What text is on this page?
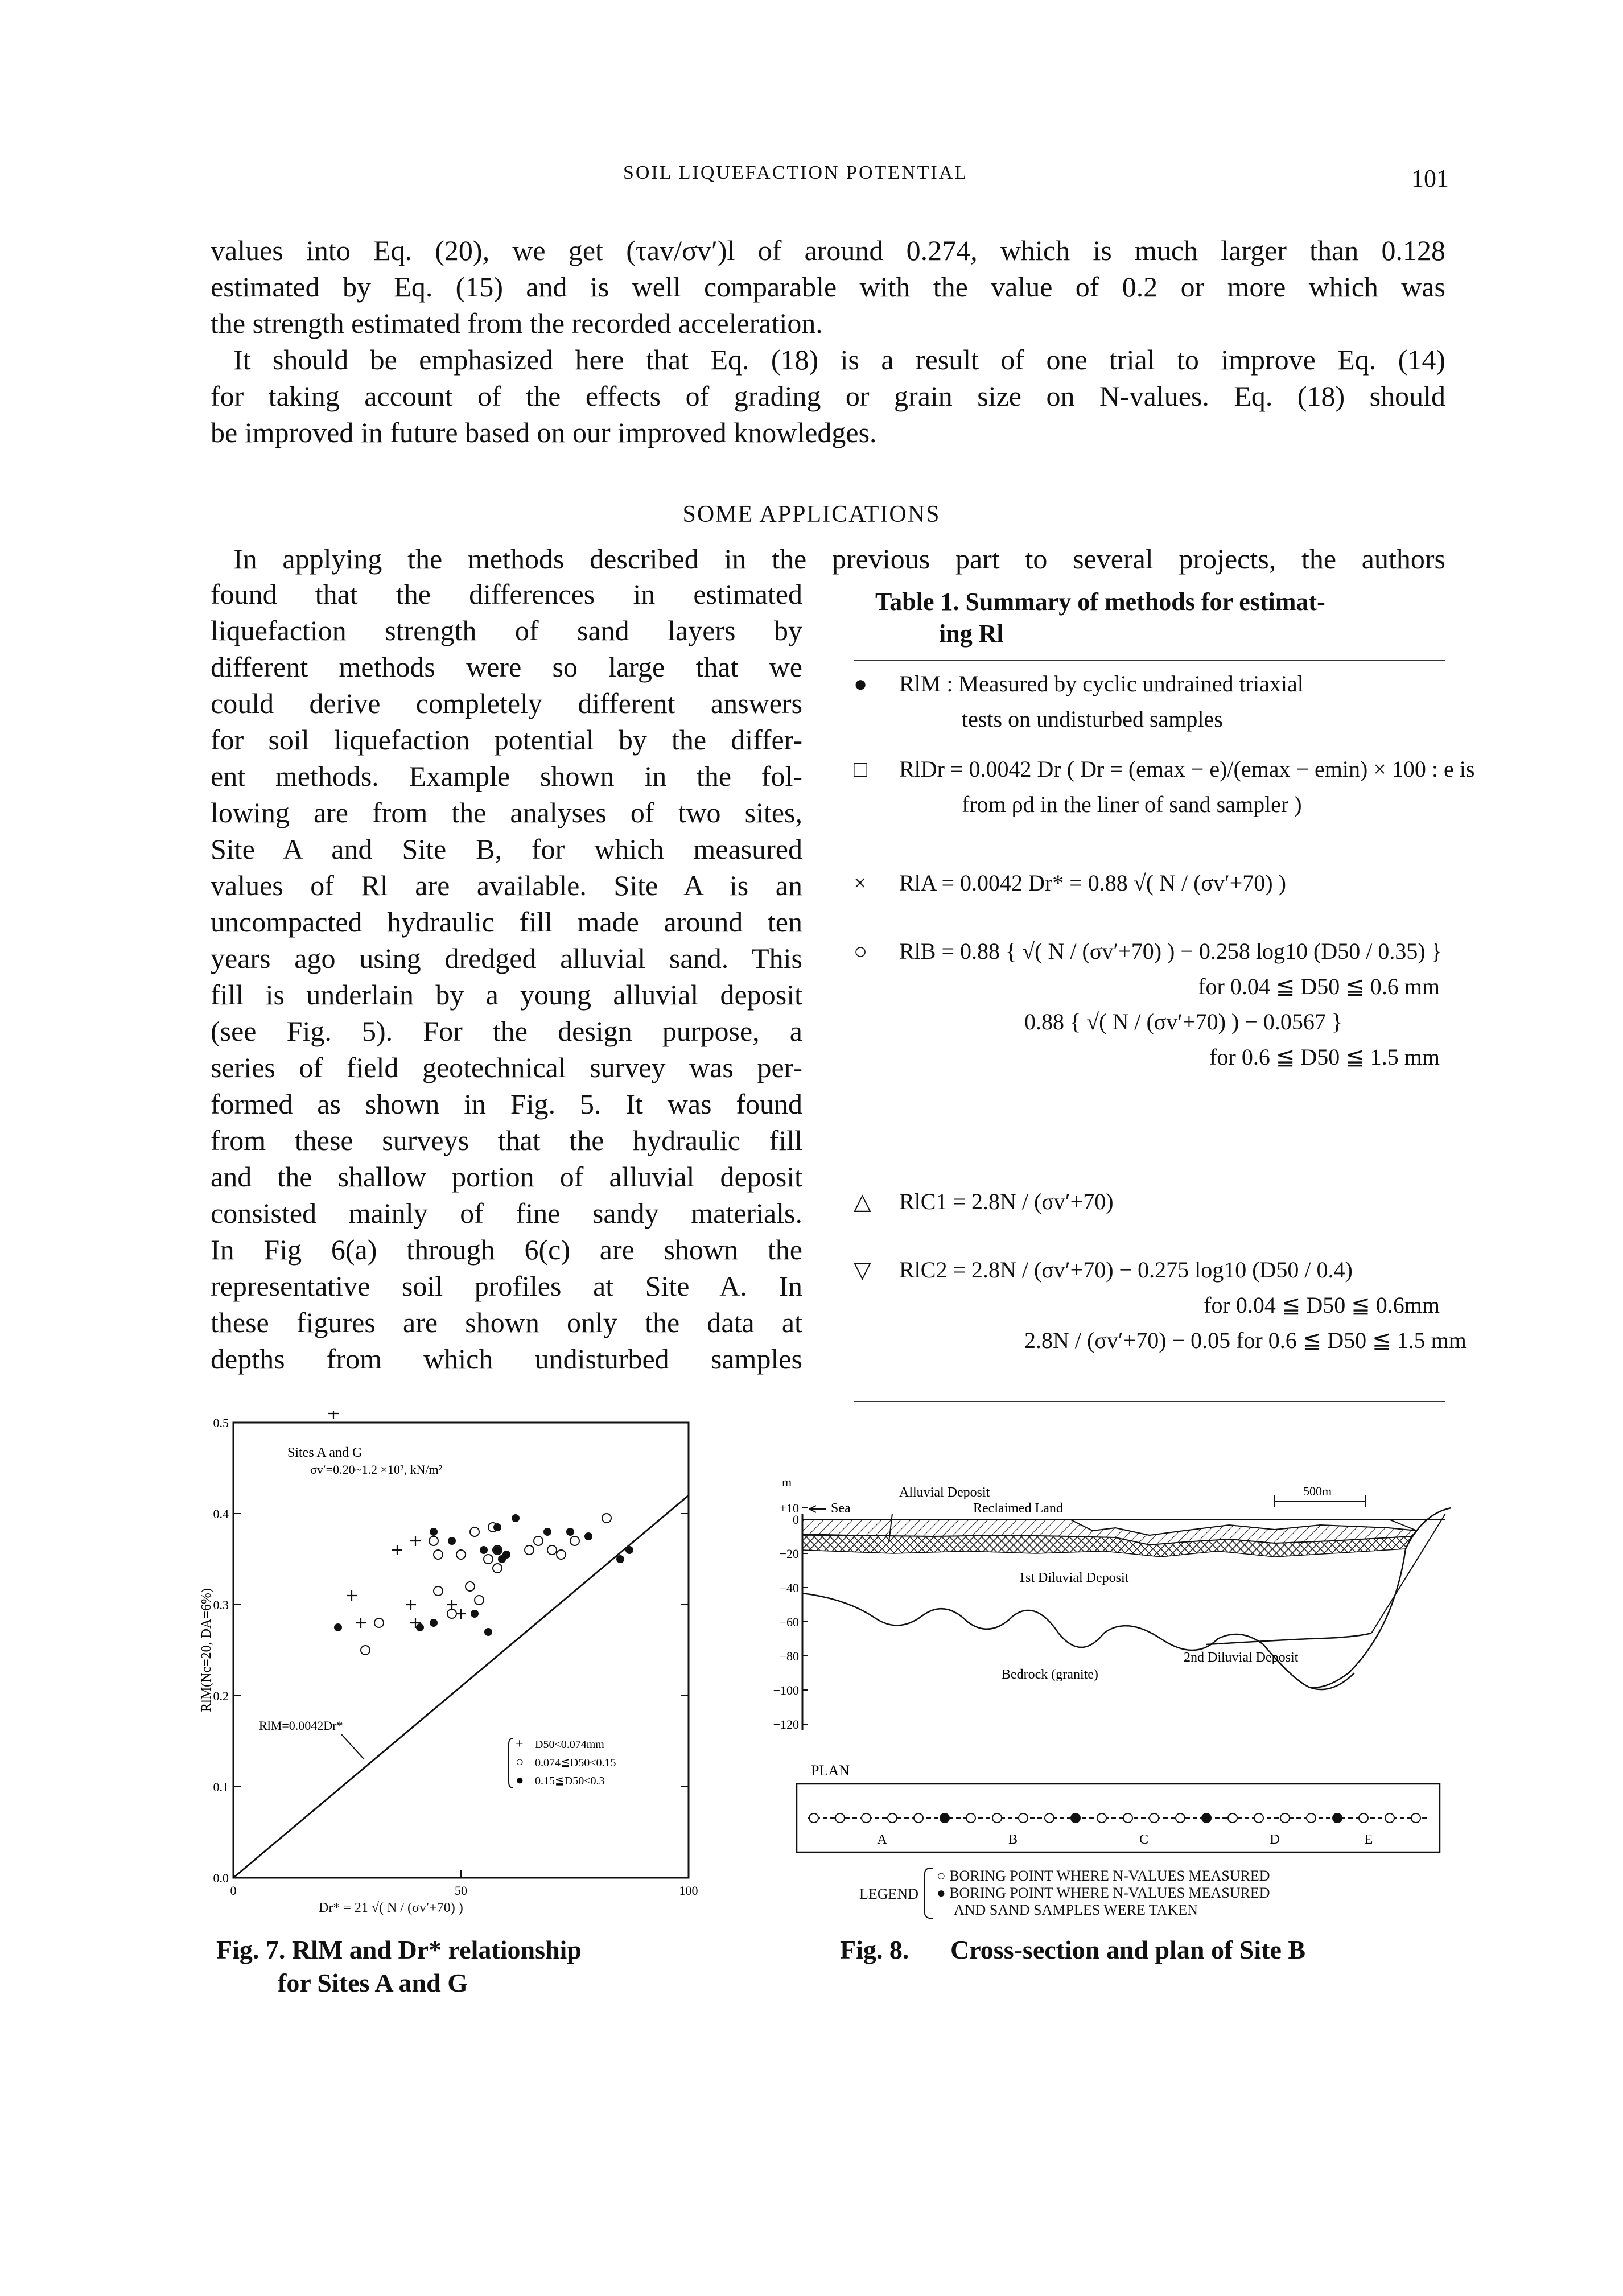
SOIL LIQUEFACTION POTENTIAL	101
values into Eq. (20), we get (τav/σv′)l of around 0.274, which is much larger than 0.128
estimated by Eq. (15) and is well comparable with the value of 0.2 or more which was
the strength estimated from the recorded acceleration.
It should be emphasized here that Eq. (18) is a result of one trial to improve Eq. (14)
for taking account of the effects of grading or grain size on N-values. Eq. (18) should
be improved in future based on our improved knowledges.
SOME APPLICATIONS
In applying the methods described in the previous part to several projects, the authors
found that the differences in estimated
liquefaction strength of sand layers by
different methods were so large that we
could derive completely different answers
for soil liquefaction potential by the differ-
ent methods. Example shown in the fol-
lowing are from the analyses of two sites,
Site A and Site B, for which measured
values of Rl are available. Site A is an
uncompacted hydraulic fill made around ten
years ago using dredged alluvial sand. This
fill is underlain by a young alluvial deposit
(see Fig. 5). For the design purpose, a
series of field geotechnical survey was per-
formed as shown in Fig. 5. It was found
from these surveys that the hydraulic fill
and the shallow portion of alluvial deposit
consisted mainly of fine sandy materials.
In Fig 6(a) through 6(c) are shown the
representative soil profiles at Site A. In
these figures are shown only the data at
depths from which undisturbed samples
Table 1. Summary of methods for estimat-
ing Rl
●	RlM : Measured by cyclic undrained triaxial
tests on undisturbed samples
□	RlDr = 0.0042 Dr ( Dr = (emax − e)/(emax − emin) × 100 : e is
from ρd in the liner of sand sampler )
×	RlA = 0.0042 Dr* = 0.88 √( N / (σv′+70) )
○	RlB = 0.88 { √( N / (σv′+70) ) − 0.258 log10 (D50 / 0.35) }
for 0.04 ≦ D50 ≦ 0.6 mm
0.88 { √( N / (σv′+70) ) − 0.0567 }
for 0.6 ≦ D50 ≦ 1.5 mm
△ RlC1 = 2.8N / (σv′+70)
▽ RlC2 = 2.8N / (σv′+70) − 0.275 log10 (D50 / 0.4)
for 0.04 ≦ D50 ≦ 0.6mm
2.8N / (σv′+70) − 0.05 for 0.6 ≦ D50 ≦ 1.5 mm
0.0
0.1
0.2
0.3
0.4
0.5
0	50	100
Sites A and G
σv′=0.20~1.2 ×10², kN/m²
RlM=0.0042Dr*
+ D50<0.074mm
○ 0.074≦D50<0.15
● 0.15≦D50<0.3
RlM(Nc=20, DA=6%)
Dr* = 21 √( N / (σv′+70) )
Fig. 7. RlM and Dr* relationship
for Sites A and G
m
+10
0
−20
−40
−60
−80
−100
−120
Alluvial Deposit
Sea	Reclaimed Land
500m
1st Diluvial Deposit
2nd Diluvial Deposit
Bedrock (granite)
PLAN
A	B	C	D	E
LEGEND
○ BORING POINT WHERE N-VALUES MEASURED
● BORING POINT WHERE N-VALUES MEASURED
AND SAND SAMPLES WERE TAKEN
Fig. 8. Cross-section and plan of Site B
